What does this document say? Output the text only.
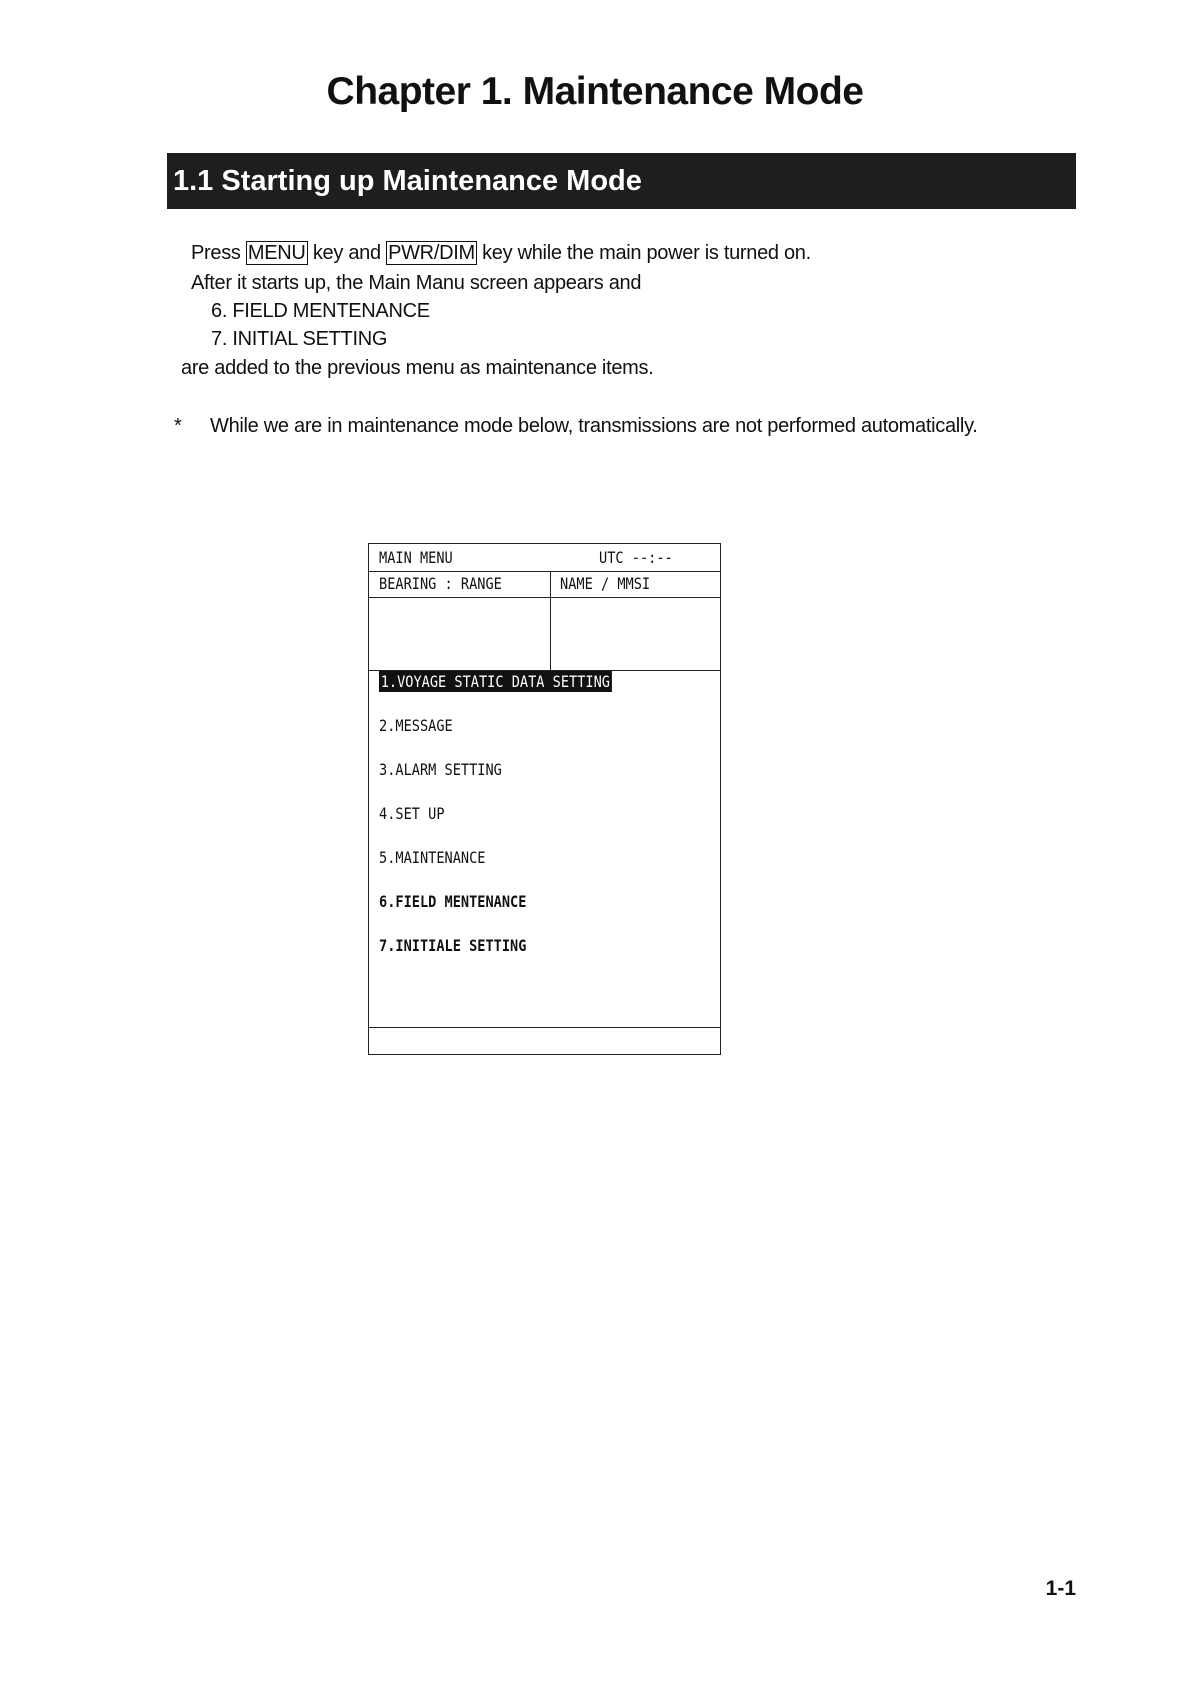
Chapter 1. Maintenance Mode
1.1 Starting up Maintenance Mode
Press MENU key and PWR/DIM key while the main power is turned on.
After it starts up, the Main Manu screen appears and
6. FIELD MENTENANCE
7. INITIAL SETTING
are added to the previous menu as maintenance items.
* While we are in maintenance mode below, transmissions are not performed automatically.
MAIN MENU	UTC --:--
BEARING : RANGE	NAME / MMSI
1.VOYAGE STATIC DATA SETTING
2.MESSAGE
3.ALARM SETTING
4.SET UP
5.MAINTENANCE
6.FIELD MENTENANCE
7.INITIALE SETTING
1-1
